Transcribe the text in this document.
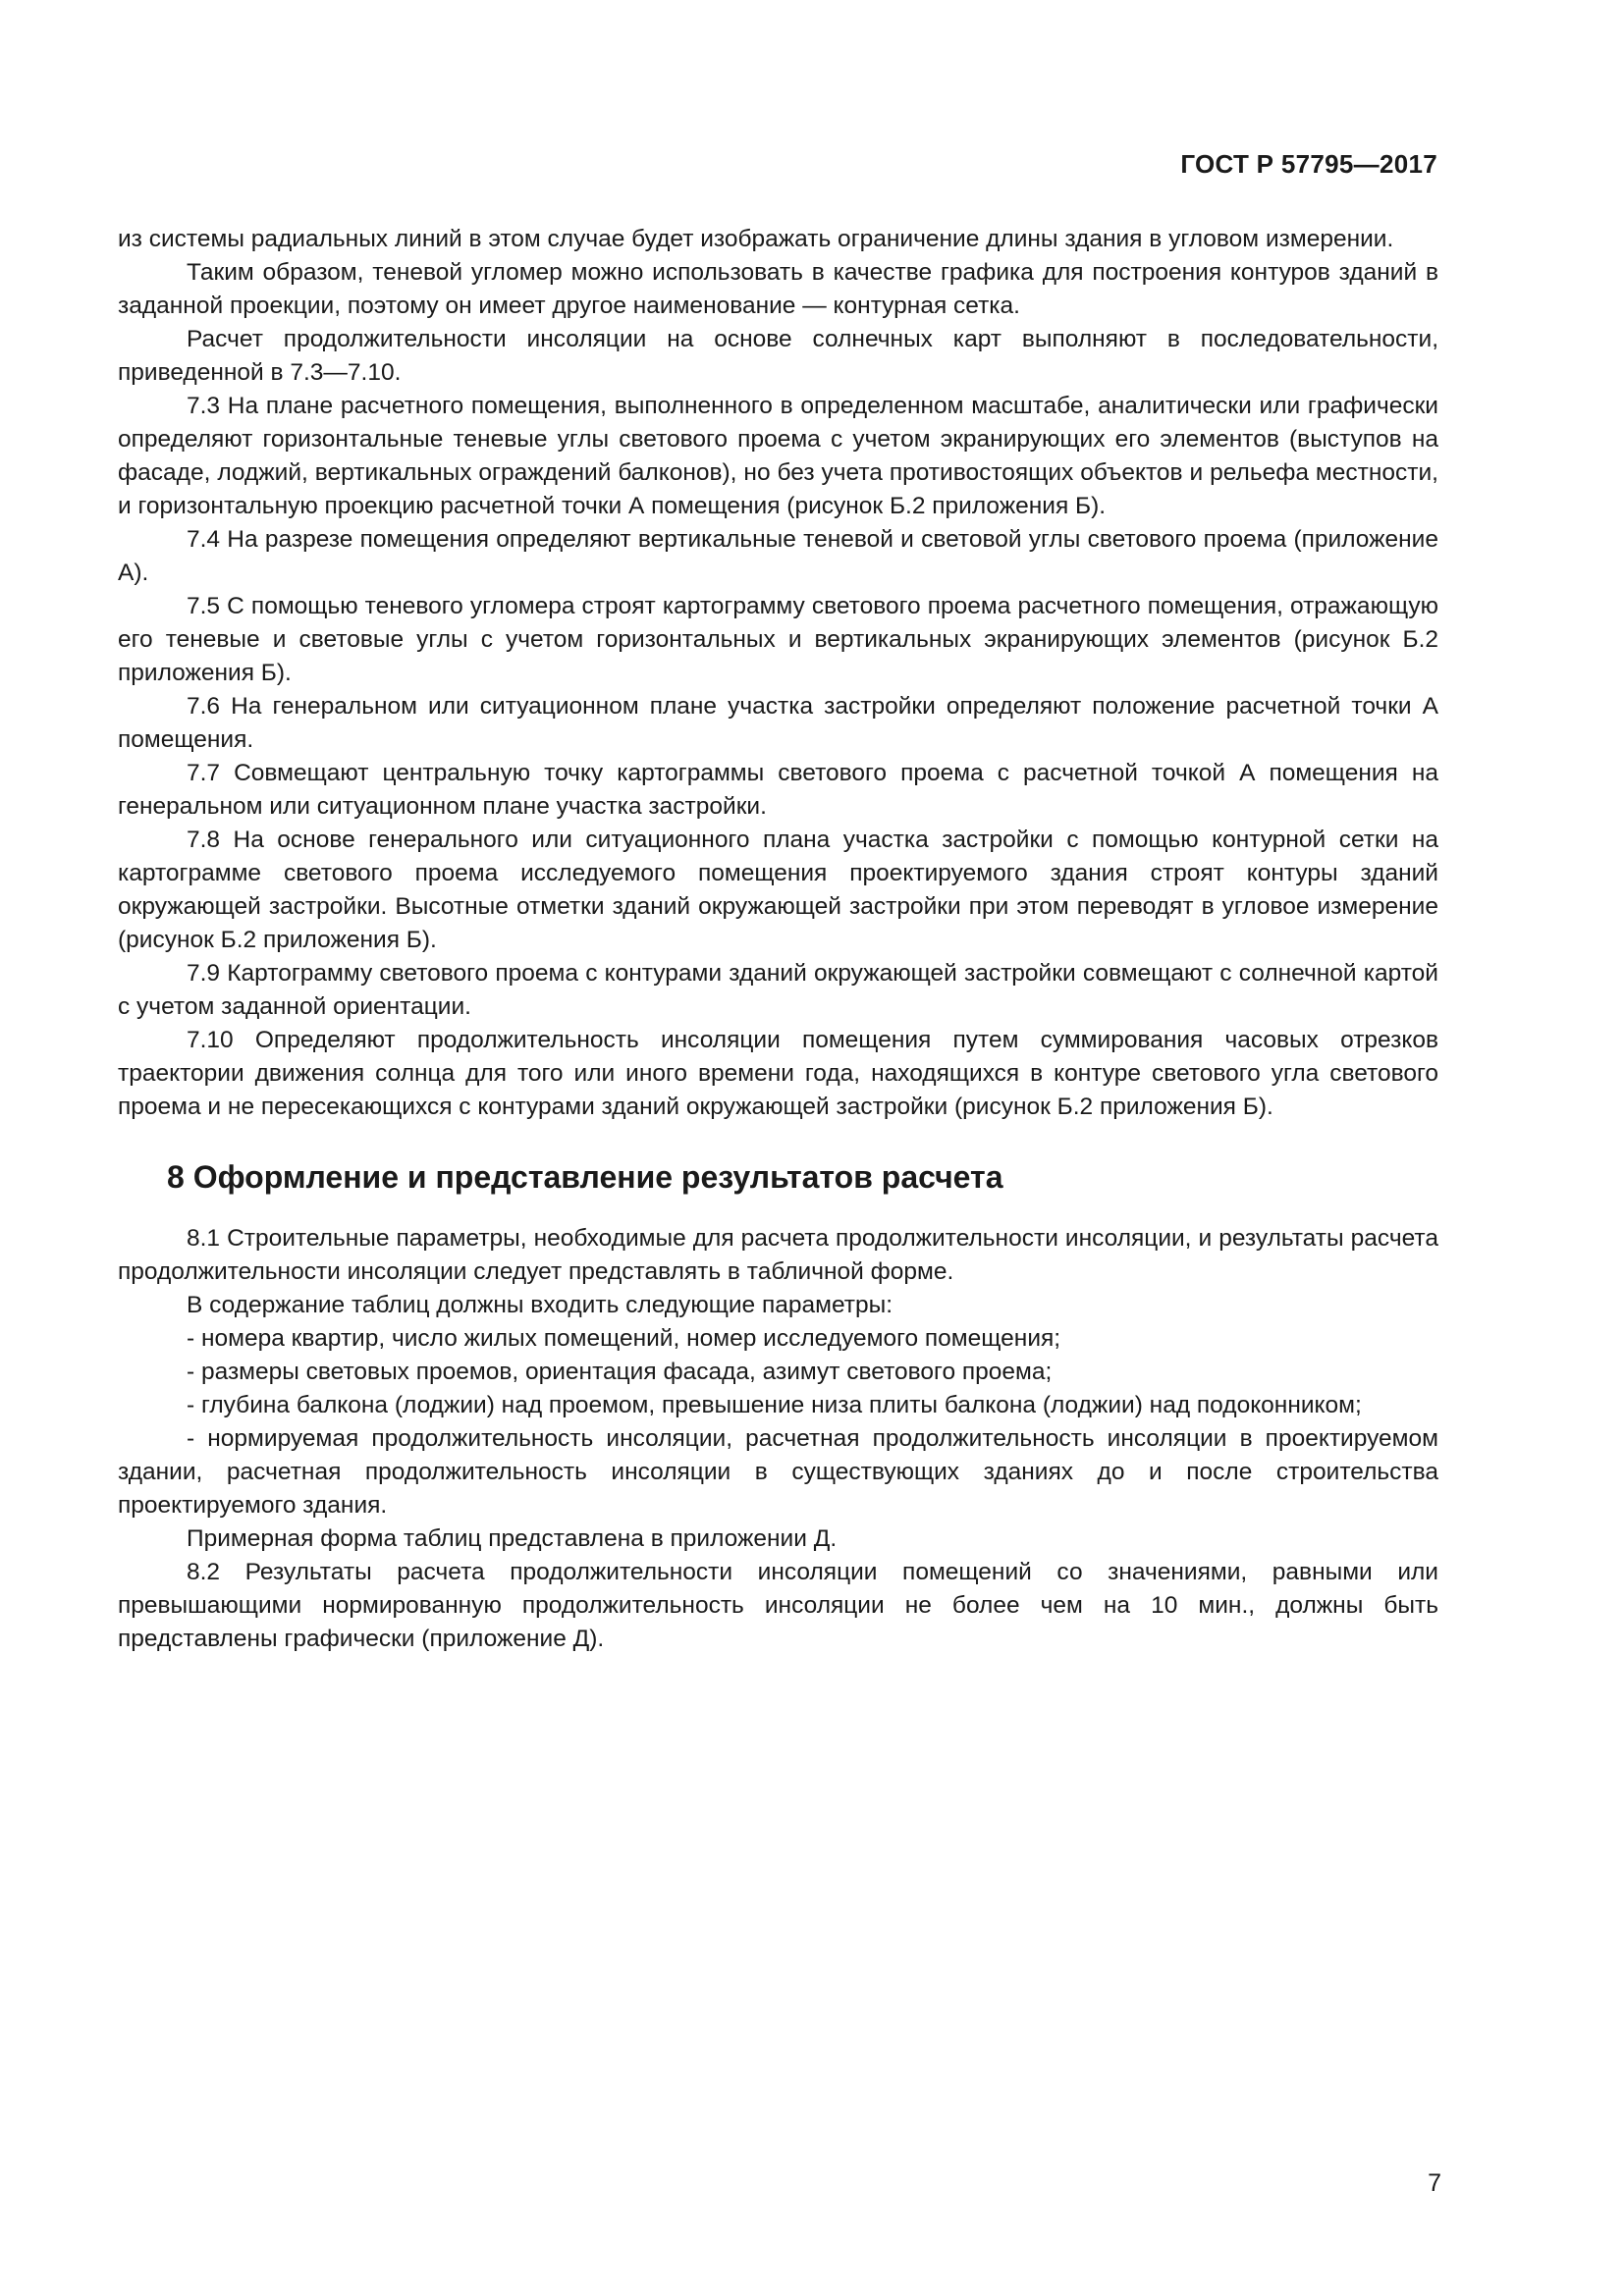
ГОСТ Р 57795—2017

из системы радиальных линий в этом случае будет изображать ограничение длины здания в угловом измерении.

Таким образом, теневой угломер можно использовать в качестве графика для построения контуров зданий в заданной проекции, поэтому он имеет другое наименование — контурная сетка.

Расчет продолжительности инсоляции на основе солнечных карт выполняют в последовательности, приведенной в 7.3—7.10.

7.3 На плане расчетного помещения, выполненного в определенном масштабе, аналитически или графически определяют горизонтальные теневые углы светового проема с учетом экранирующих его элементов (выступов на фасаде, лоджий, вертикальных ограждений балконов), но без учета противостоящих объектов и рельефа местности, и горизонтальную проекцию расчетной точки А помещения (рисунок Б.2 приложения Б).

7.4 На разрезе помещения определяют вертикальные теневой и световой углы светового проема (приложение А).

7.5 С помощью теневого угломера строят картограмму светового проема расчетного помещения, отражающую его теневые и световые углы с учетом горизонтальных и вертикальных экранирующих элементов (рисунок Б.2 приложения Б).

7.6 На генеральном или ситуационном плане участка застройки определяют положение расчетной точки А помещения.

7.7 Совмещают центральную точку картограммы светового проема с расчетной точкой А помещения на генеральном или ситуационном плане участка застройки.

7.8 На основе генерального или ситуационного плана участка застройки с помощью контурной сетки на картограмме светового проема исследуемого помещения проектируемого здания строят контуры зданий окружающей застройки. Высотные отметки зданий окружающей застройки при этом переводят в угловое измерение (рисунок Б.2 приложения Б).

7.9 Картограмму светового проема с контурами зданий окружающей застройки совмещают с солнечной картой с учетом заданной ориентации.

7.10 Определяют продолжительность инсоляции помещения путем суммирования часовых отрезков траектории движения солнца для того или иного времени года, находящихся в контуре светового угла светового проема и не пересекающихся с контурами зданий окружающей застройки (рисунок Б.2 приложения Б).

8 Оформление и представление результатов расчета

8.1 Строительные параметры, необходимые для расчета продолжительности инсоляции, и результаты расчета продолжительности инсоляции следует представлять в табличной форме.

В содержание таблиц должны входить следующие параметры:

- номера квартир, число жилых помещений, номер исследуемого помещения;

- размеры световых проемов, ориентация фасада, азимут светового проема;

- глубина балкона (лоджии) над проемом, превышение низа плиты балкона (лоджии) над подоконником;

- нормируемая продолжительность инсоляции, расчетная продолжительность инсоляции в проектируемом здании, расчетная продолжительность инсоляции в существующих зданиях до и после строительства проектируемого здания.

Примерная форма таблиц представлена в приложении Д.

8.2 Результаты расчета продолжительности инсоляции помещений со значениями, равными или превышающими нормированную продолжительность инсоляции не более чем на 10 мин., должны быть представлены графически (приложение Д).

7
